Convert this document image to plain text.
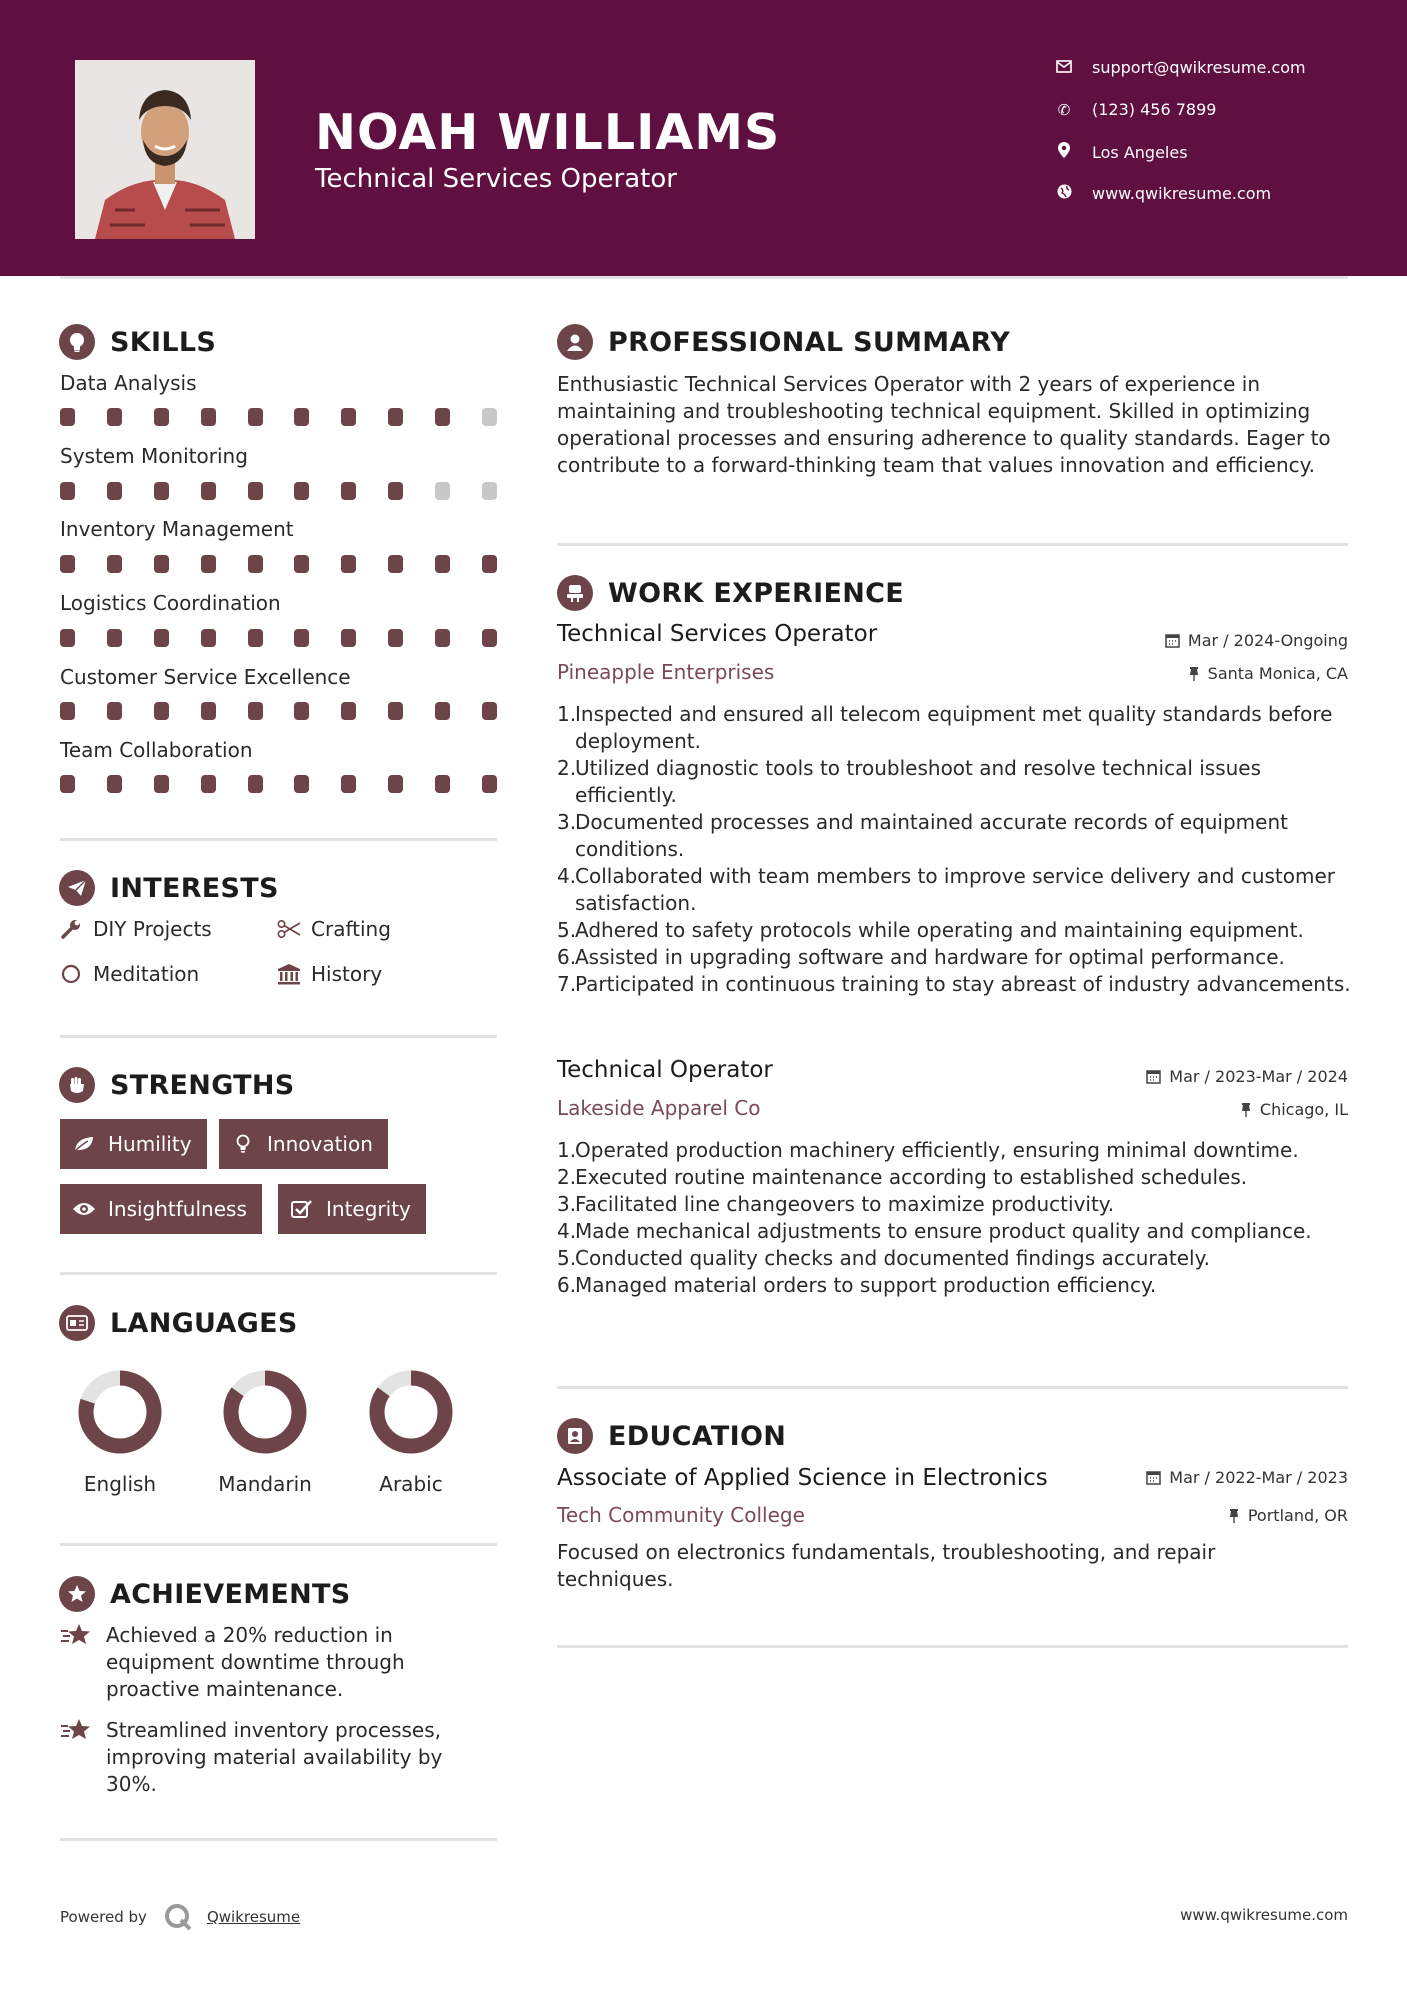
NOAH WILLIAMS
Technical Services Operator
support@qwikresume.com
✆ (123) 456 7899
Los Angeles
www.qwikresume.com
SKILLS
Data Analysis
System Monitoring
Inventory Management
Logistics Coordination
Customer Service Excellence
Team Collaboration
INTERESTS
DIY Projects	Crafting
Meditation	History
STRENGTHS
Humility	Innovation
Insightfulness	Integrity
LANGUAGES
English	Mandarin	Arabic
ACHIEVEMENTS
Achieved a 20% reduction in equipment downtime through proactive maintenance.
Streamlined inventory processes, improving material availability by 30%.
PROFESSIONAL SUMMARY
Enthusiastic Technical Services Operator with 2 years of experience in maintaining and troubleshooting technical equipment. Skilled in optimizing operational processes and ensuring adherence to quality standards. Eager to contribute to a forward-thinking team that values innovation and efficiency.
WORK EXPERIENCE
Technical Services Operator	Mar / 2024-Ongoing
Pineapple Enterprises	Santa Monica, CA
1.
Inspected and ensured all telecom equipment met quality standards before deployment.
2.
Utilized diagnostic tools to troubleshoot and resolve technical issues efficiently.
3.
Documented processes and maintained accurate records of equipment conditions.
4.
Collaborated with team members to improve service delivery and customer satisfaction.
5.
Adhered to safety protocols while operating and maintaining equipment.
6.
Assisted in upgrading software and hardware for optimal performance.
7.
Participated in continuous training to stay abreast of industry advancements.
Technical Operator	Mar / 2023-Mar / 2024
Lakeside Apparel Co	Chicago, IL
1.
Operated production machinery efficiently, ensuring minimal downtime.
2.
Executed routine maintenance according to established schedules.
3.
Facilitated line changeovers to maximize productivity.
4.
Made mechanical adjustments to ensure product quality and compliance.
5.
Conducted quality checks and documented findings accurately.
6.
Managed material orders to support production efficiency.
EDUCATION
Associate of Applied Science in Electronics	Mar / 2022-Mar / 2023
Tech Community College	Portland, OR
Focused on electronics fundamentals, troubleshooting, and repair techniques.
Powered by	Qwikresume	www.qwikresume.com
